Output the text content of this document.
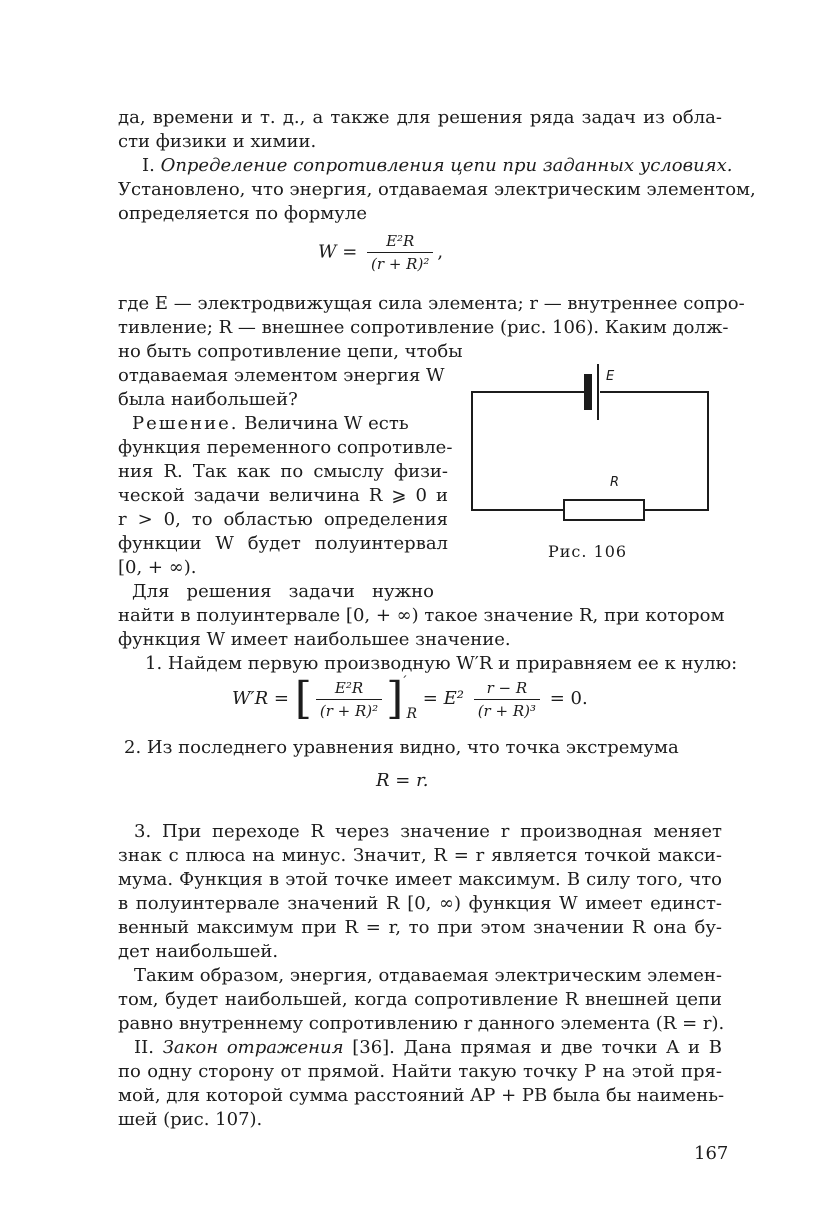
да, времени и т. д., а также для решения ряда задач из обла-
сти физики и химии.
I. Определение сопротивления цепи при заданных условиях.
Установлено, что энергия, отдаваемая электрическим элементом,
определяется по формуле
$W = \frac{\text{E²R}}{\text{(r + R)²}}$ ,
где E — электродвижущая сила элемента; r — внутреннее сопро-
тивление; R — внешнее сопротивление (рис. 106). Каким долж-
но быть сопротивление цепи, чтобы
отдаваемая элементом энергия W
была наибольшей?
Решение. Величина W есть
функция переменного сопротивле-
ния R. Так как по смыслу физи-
ческой задачи величина R ⩾ 0 и
r > 0, то областью определения
функции W будет полуинтервал
[0, + ∞).
Для решения задачи нужно
найти в полуинтервале [0, + ∞) такое значение R, при котором
функция W имеет наибольшее значение.
1. Найдем первую производную W′R и приравняем ее к нулю:
W′R = [ $\frac{\text{E²R}}{\text{(r + R)²}} ]'_R = E^2 \frac{r - R}{\text{(r + R)³}} = 0$.
2. Из последнего уравнения видно, что точка экстремума
R = r.
3. При переходе R через значение r производная меняет
знак с плюса на минус. Значит, R = r является точкой макси-
мума. Функция в этой точке имеет максимум. В силу того, что
в полуинтервале значений R [0, ∞) функция W имеет единст-
венный максимум при R = r, то при этом значении R она бу-
дет наибольшей.
Таким образом, энергия, отдаваемая электрическим элемен-
том, будет наибольшей, когда сопротивление R внешней цепи
равно внутреннему сопротивлению r данного элемента (R = r).
II. Закон отражения [36]. Дана прямая и две точки A и B
по одну сторону от прямой. Найти такую точку P на этой пря-
мой, для которой сумма расстояний AP + PB была бы наимень-
шей (рис. 107).
E
R
Рис. 106
167
